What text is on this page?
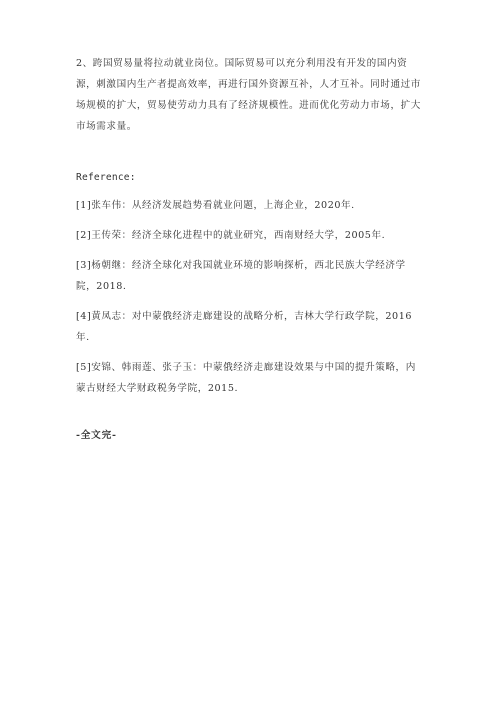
2、跨国贸易量将拉动就业岗位。国际贸易可以充分利用没有开发的国内资源，刺激国内生产者提高效率，再进行国外资源互补，人才互补。同时通过市场规模的扩大，贸易使劳动力具有了经济规模性。进而优化劳动力市场，扩大市场需求量。

Reference:

[1]张车伟：从经济发展趋势看就业问题，上海企业，2020年.
[2]王传荣：经济全球化进程中的就业研究，西南财经大学，2005年.
[3]杨朝继：经济全球化对我国就业环境的影响探析，西北民族大学经济学院，2018.
[4]黄凤志：对中蒙俄经济走廊建设的战略分析，吉林大学行政学院，2016年.
[5]安锦、韩雨莲、张子玉：中蒙俄经济走廊建设效果与中国的提升策略，内蒙古财经大学财政税务学院，2015.

-全文完-
